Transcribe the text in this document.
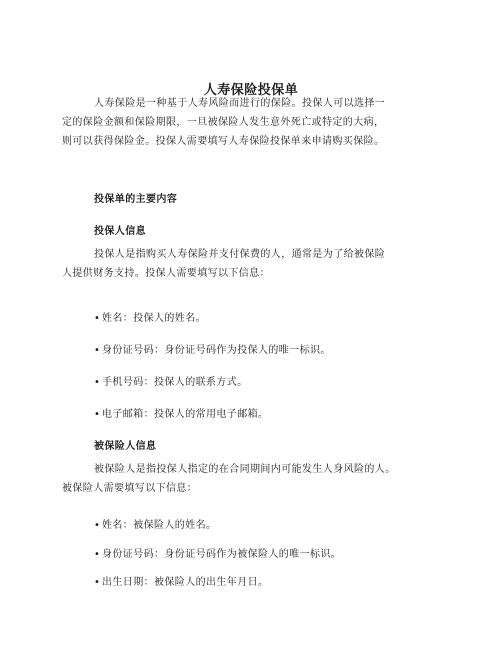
人寿保险投保单
人寿保险是一种基于人寿风险而进行的保险。投保人可以选择一
定的保险金额和保险期限，一旦被保险人发生意外死亡或特定的大病，
则可以获得保险金。投保人需要填写人寿保险投保单来申请购买保险。
投保单的主要内容
投保人信息
投保人是指购买人寿保险并支付保费的人，通常是为了给被保险
人提供财务支持。投保人需要填写以下信息：
• 姓名：投保人的姓名。
• 身份证号码：身份证号码作为投保人的唯一标识。
• 手机号码：投保人的联系方式。
• 电子邮箱：投保人的常用电子邮箱。
被保险人信息
被保险人是指投保人指定的在合同期间内可能发生人身风险的人。
被保险人需要填写以下信息：
• 姓名：被保险人的姓名。
• 身份证号码：身份证号码作为被保险人的唯一标识。
• 出生日期：被保险人的出生年月日。
